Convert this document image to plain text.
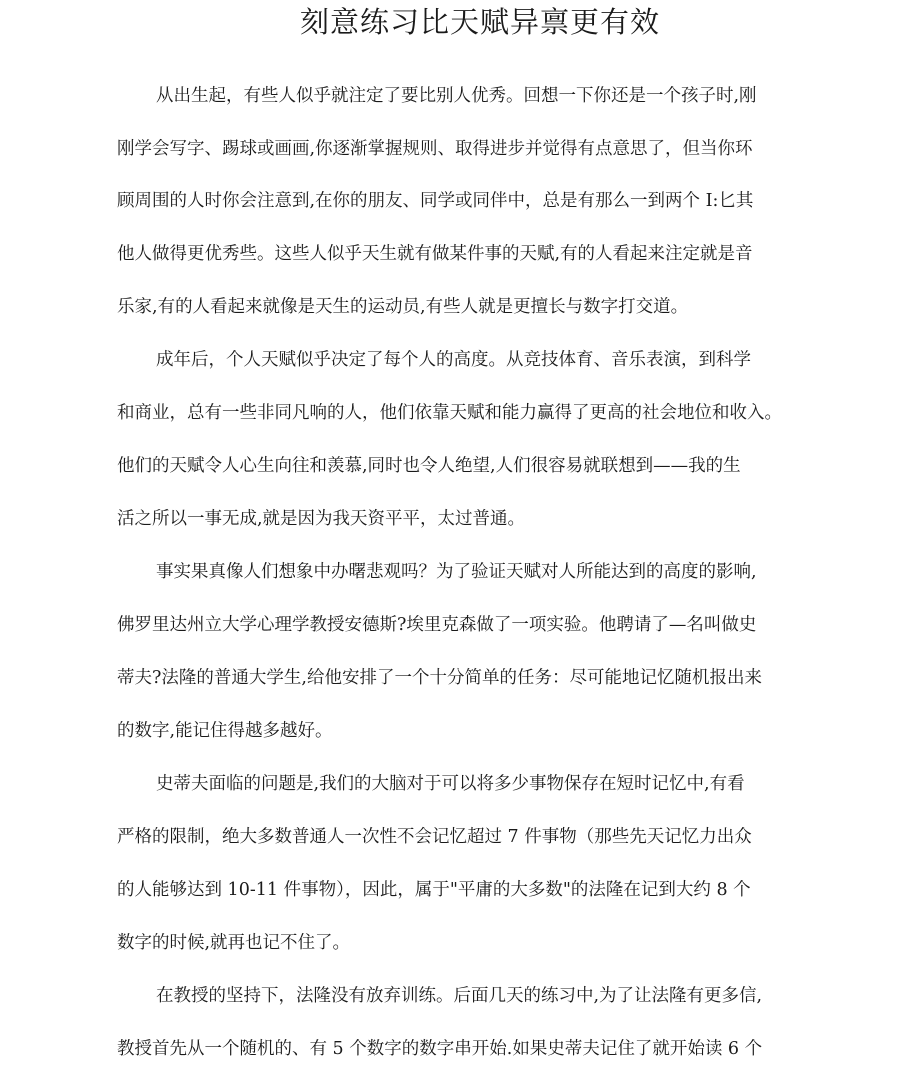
刻意练习比天赋异禀更有效
从出生起，有些人似乎就注定了要比别人优秀。回想一下你还是一个孩子时,刚
刚学会写字、踢球或画画,你逐渐掌握规则、取得进步并觉得有点意思了，但当你环
顾周围的人时你会注意到,在你的朋友、同学或同伴中，总是有那么一到两个 I:匕其
他人做得更优秀些。这些人似乎天生就有做某件事的天赋,有的人看起来注定就是音
乐家,有的人看起来就像是天生的运动员,有些人就是更擅长与数字打交道。
成年后，个人天赋似乎决定了每个人的高度。从竞技体育、音乐表演，到科学
和商业，总有一些非同凡响的人，他们依靠天赋和能力赢得了更高的社会地位和收入。
他们的天赋令人心生向往和羡慕,同时也令人绝望,人们很容易就联想到——我的生
活之所以一事无成,就是因为我天资平平，太过普通。
事实果真像人们想象中办曙悲观吗？为了验证天赋对人所能达到的高度的影响,
佛罗里达州立大学心理学教授安德斯?埃里克森做了一项实验。他聘请了—名叫做史
蒂夫?法隆的普通大学生,给他安排了一个十分简单的任务：尽可能地记忆随机报出来
的数字,能记住得越多越好。
史蒂夫面临的问题是,我们的大脑对于可以将多少事物保存在短时记忆中,有看
严格的限制，绝大多数普通人一次性不会记忆超过 7 件事物（那些先天记忆力出众
的人能够达到 10-11 件事物），因此，属于"平庸的大多数"的法隆在记到大约 8 个
数字的时候,就再也记不住了。
在教授的坚持下，法隆没有放弃训练。后面几天的练习中,为了让法隆有更多信,
教授首先从一个随机的、有 5 个数字的数字串开始.如果史蒂夫记住了就开始读 6 个
